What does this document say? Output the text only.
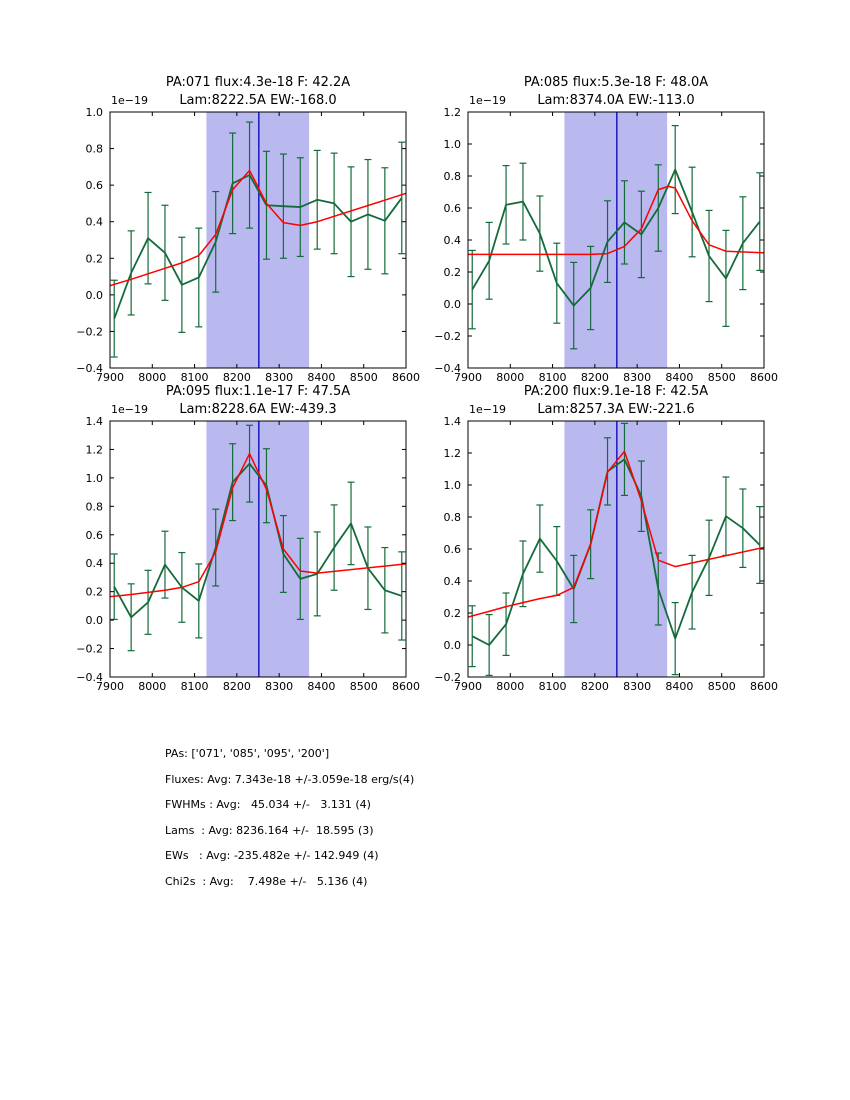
7900 8000 8100 8200 8300 8400 8500 8600
−0.4
−0.2
0.0
0.2
0.4
0.6
0.8
1.0
PA:071 flux:4.3e-18 F: 42.2A
Lam:8222.5A EW:-168.0
1e−19
7900 8000 8100 8200 8300 8400 8500 8600
−0.4
−0.2
0.0
0.2
0.4
0.6
0.8
1.0
1.2
PA:085 flux:5.3e-18 F: 48.0A
Lam:8374.0A EW:-113.0
1e−19
7900 8000 8100 8200 8300 8400 8500 8600
−0.4
−0.2
0.0
0.2
0.4
0.6
0.8
1.0
1.2
1.4
PA:095 flux:1.1e-17 F: 47.5A
Lam:8228.6A EW:-439.3
1e−19
7900 8000 8100 8200 8300 8400 8500 8600
−0.2
0.0
0.2
0.4
0.6
0.8
1.0
1.2
1.4
PA:200 flux:9.1e-18 F: 42.5A
Lam:8257.3A EW:-221.6
1e−19
PAs: ['071', '085', '095', '200']
Fluxes: Avg: 7.343e-18 +/-3.059e-18 erg/s(4)
FWHMs : Avg:   45.034 +/-   3.131 (4)
Lams  : Avg: 8236.164 +/-  18.595 (3)
EWs   : Avg: -235.482e +/- 142.949 (4)
Chi2s  : Avg:    7.498e +/-   5.136 (4)
